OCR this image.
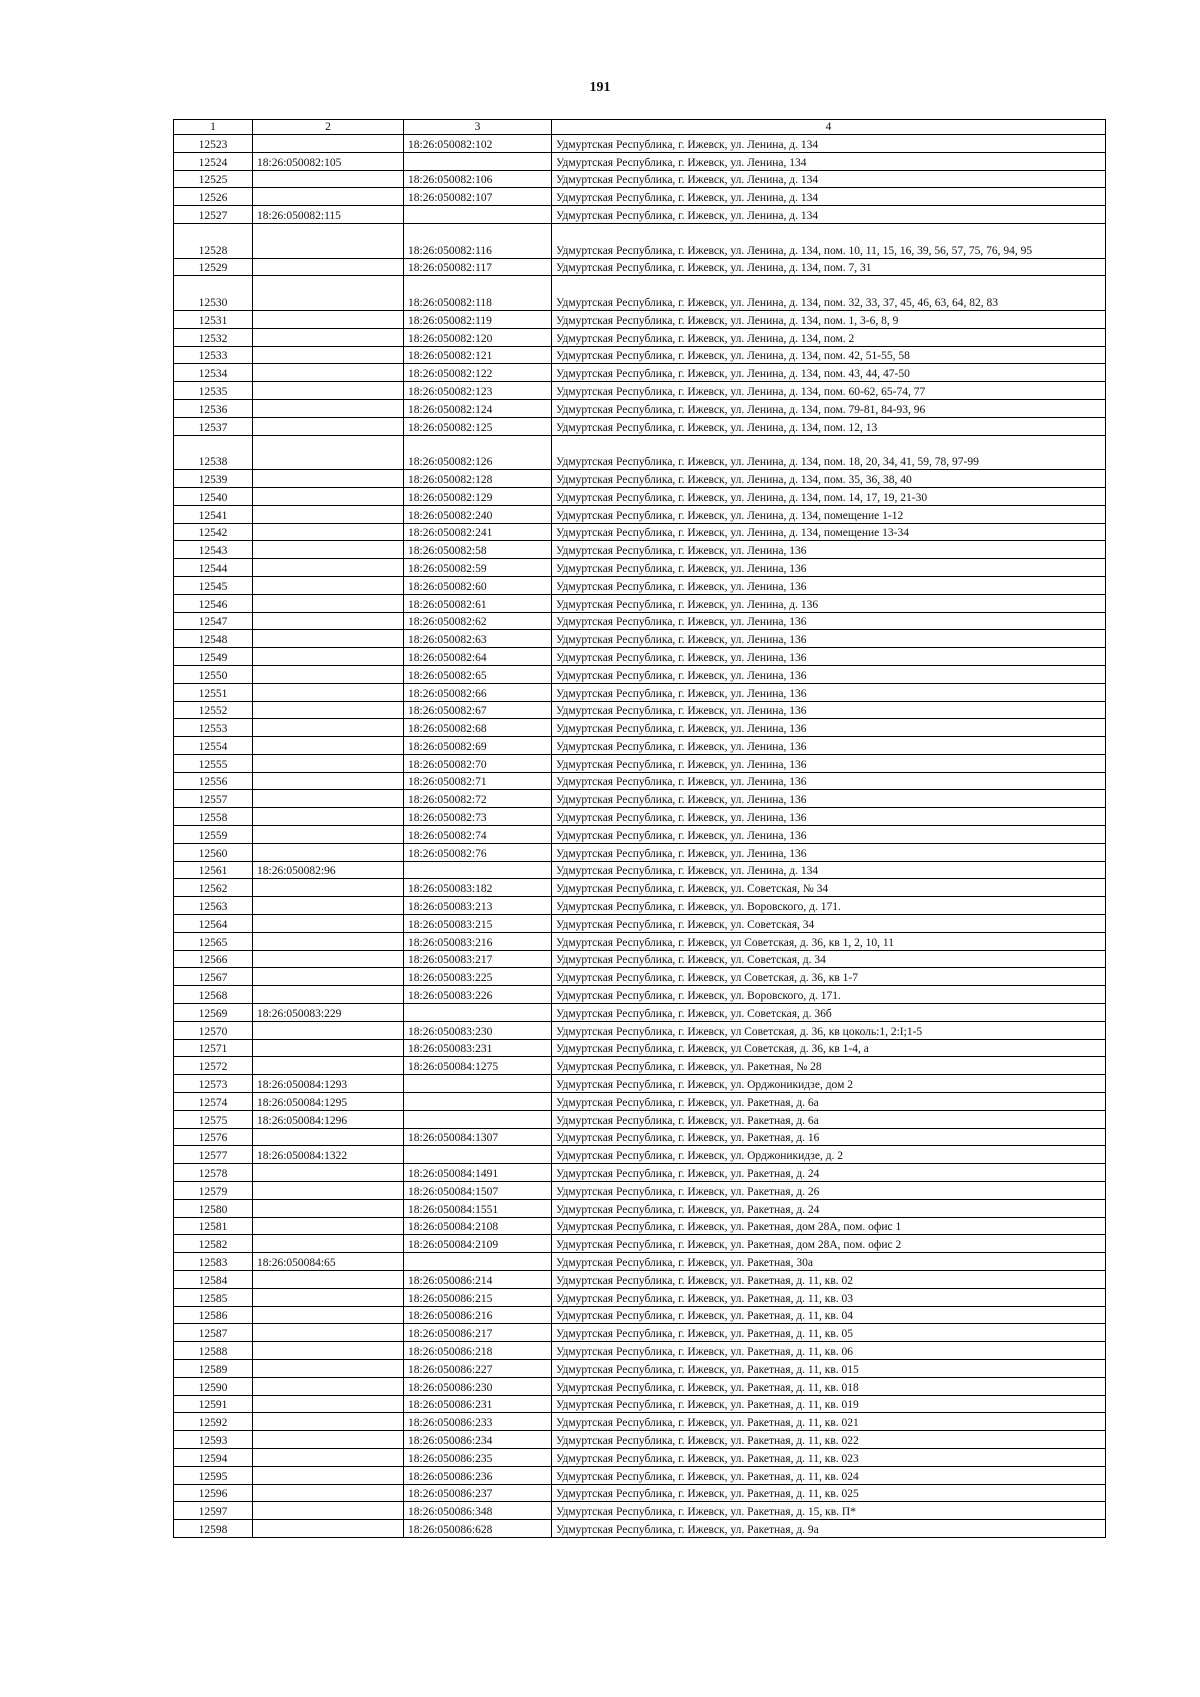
191
1	2	3	4
12523		18:26:050082:102	Удмуртская Республика, г. Ижевск, ул. Ленина, д. 134
12524	18:26:050082:105		Удмуртская Республика, г. Ижевск, ул. Ленина, 134
12525		18:26:050082:106	Удмуртская Республика, г. Ижевск, ул. Ленина, д. 134
12526		18:26:050082:107	Удмуртская Республика, г. Ижевск, ул. Ленина, д. 134
12527	18:26:050082:115		Удмуртская Республика, г. Ижевск, ул. Ленина, д. 134
12528		18:26:050082:116	Удмуртская Республика, г. Ижевск, ул. Ленина, д. 134, пом. 10, 11, 15, 16, 39, 56, 57, 75, 76, 94, 95
12529		18:26:050082:117	Удмуртская Республика, г. Ижевск, ул. Ленина, д. 134, пом. 7, 31
12530		18:26:050082:118	Удмуртская Республика, г. Ижевск, ул. Ленина, д. 134, пом. 32, 33, 37, 45, 46, 63, 64, 82, 83
12531		18:26:050082:119	Удмуртская Республика, г. Ижевск, ул. Ленина, д. 134, пом. 1, 3-6, 8, 9
12532		18:26:050082:120	Удмуртская Республика, г. Ижевск, ул. Ленина, д. 134, пом. 2
12533		18:26:050082:121	Удмуртская Республика, г. Ижевск, ул. Ленина, д. 134, пом. 42, 51-55, 58
12534		18:26:050082:122	Удмуртская Республика, г. Ижевск, ул. Ленина, д. 134, пом. 43, 44, 47-50
12535		18:26:050082:123	Удмуртская Республика, г. Ижевск, ул. Ленина, д. 134, пом. 60-62, 65-74, 77
12536		18:26:050082:124	Удмуртская Республика, г. Ижевск, ул. Ленина, д. 134, пом. 79-81, 84-93, 96
12537		18:26:050082:125	Удмуртская Республика, г. Ижевск, ул. Ленина, д. 134, пом. 12, 13
12538		18:26:050082:126	Удмуртская Республика, г. Ижевск, ул. Ленина, д. 134, пом. 18, 20, 34, 41, 59, 78, 97-99
12539		18:26:050082:128	Удмуртская Республика, г. Ижевск, ул. Ленина, д. 134, пом. 35, 36, 38, 40
12540		18:26:050082:129	Удмуртская Республика, г. Ижевск, ул. Ленина, д. 134, пом. 14, 17, 19, 21-30
12541		18:26:050082:240	Удмуртская Республика, г. Ижевск, ул. Ленина, д. 134, помещение 1-12
12542		18:26:050082:241	Удмуртская Республика, г. Ижевск, ул. Ленина, д. 134, помещение 13-34
12543		18:26:050082:58	Удмуртская Республика, г. Ижевск, ул. Ленина, 136
12544		18:26:050082:59	Удмуртская Республика, г. Ижевск, ул. Ленина, 136
12545		18:26:050082:60	Удмуртская Республика, г. Ижевск, ул. Ленина, 136
12546		18:26:050082:61	Удмуртская Республика, г. Ижевск, ул. Ленина, д. 136
12547		18:26:050082:62	Удмуртская Республика, г. Ижевск, ул. Ленина, 136
12548		18:26:050082:63	Удмуртская Республика, г. Ижевск, ул. Ленина, 136
12549		18:26:050082:64	Удмуртская Республика, г. Ижевск, ул. Ленина, 136
12550		18:26:050082:65	Удмуртская Республика, г. Ижевск, ул. Ленина, 136
12551		18:26:050082:66	Удмуртская Республика, г. Ижевск, ул. Ленина, 136
12552		18:26:050082:67	Удмуртская Республика, г. Ижевск, ул. Ленина, 136
12553		18:26:050082:68	Удмуртская Республика, г. Ижевск, ул. Ленина, 136
12554		18:26:050082:69	Удмуртская Республика, г. Ижевск, ул. Ленина, 136
12555		18:26:050082:70	Удмуртская Республика, г. Ижевск, ул. Ленина, 136
12556		18:26:050082:71	Удмуртская Республика, г. Ижевск, ул. Ленина, 136
12557		18:26:050082:72	Удмуртская Республика, г. Ижевск, ул. Ленина, 136
12558		18:26:050082:73	Удмуртская Республика, г. Ижевск, ул. Ленина, 136
12559		18:26:050082:74	Удмуртская Республика, г. Ижевск, ул. Ленина, 136
12560		18:26:050082:76	Удмуртская Республика, г. Ижевск, ул. Ленина, 136
12561	18:26:050082:96		Удмуртская Республика, г. Ижевск, ул. Ленина, д. 134
12562		18:26:050083:182	Удмуртская Республика, г. Ижевск, ул. Советская, № 34
12563		18:26:050083:213	Удмуртская Республика, г. Ижевск, ул. Воровского, д. 171.
12564		18:26:050083:215	Удмуртская Республика, г. Ижевск, ул. Советская, 34
12565		18:26:050083:216	Удмуртская Республика, г. Ижевск, ул Советская, д. 36, кв 1, 2, 10, 11
12566		18:26:050083:217	Удмуртская Республика, г. Ижевск, ул. Советская, д. 34
12567		18:26:050083:225	Удмуртская Республика, г. Ижевск, ул Советская, д. 36, кв 1-7
12568		18:26:050083:226	Удмуртская Республика, г. Ижевск, ул. Воровского, д. 171.
12569	18:26:050083:229		Удмуртская Республика, г. Ижевск, ул. Советская, д. 36б
12570		18:26:050083:230	Удмуртская Республика, г. Ижевск, ул Советская, д. 36, кв цоколь:1, 2:I;1-5
12571		18:26:050083:231	Удмуртская Республика, г. Ижевск, ул Советская, д. 36, кв 1-4, а
12572		18:26:050084:1275	Удмуртская Республика, г. Ижевск, ул. Ракетная, № 28
12573	18:26:050084:1293		Удмуртская Республика, г. Ижевск, ул. Орджоникидзе, дом 2
12574	18:26:050084:1295		Удмуртская Республика, г. Ижевск, ул. Ракетная, д. 6а
12575	18:26:050084:1296		Удмуртская Республика, г. Ижевск, ул. Ракетная, д. 6а
12576		18:26:050084:1307	Удмуртская Республика, г. Ижевск, ул. Ракетная, д. 16
12577	18:26:050084:1322		Удмуртская Республика, г. Ижевск, ул. Орджоникидзе, д. 2
12578		18:26:050084:1491	Удмуртская Республика, г. Ижевск, ул. Ракетная, д. 24
12579		18:26:050084:1507	Удмуртская Республика, г. Ижевск, ул. Ракетная, д. 26
12580		18:26:050084:1551	Удмуртская Республика, г. Ижевск, ул. Ракетная, д. 24
12581		18:26:050084:2108	Удмуртская Республика, г. Ижевск, ул. Ракетная, дом 28А, пом. офис 1
12582		18:26:050084:2109	Удмуртская Республика, г. Ижевск, ул. Ракетная, дом 28А, пом. офис 2
12583	18:26:050084:65		Удмуртская Республика, г. Ижевск, ул. Ракетная, 30а
12584		18:26:050086:214	Удмуртская Республика, г. Ижевск, ул. Ракетная, д. 11, кв. 02
12585		18:26:050086:215	Удмуртская Республика, г. Ижевск, ул. Ракетная, д. 11, кв. 03
12586		18:26:050086:216	Удмуртская Республика, г. Ижевск, ул. Ракетная, д. 11, кв. 04
12587		18:26:050086:217	Удмуртская Республика, г. Ижевск, ул. Ракетная, д. 11, кв. 05
12588		18:26:050086:218	Удмуртская Республика, г. Ижевск, ул. Ракетная, д. 11, кв. 06
12589		18:26:050086:227	Удмуртская Республика, г. Ижевск, ул. Ракетная, д. 11, кв. 015
12590		18:26:050086:230	Удмуртская Республика, г. Ижевск, ул. Ракетная, д. 11, кв. 018
12591		18:26:050086:231	Удмуртская Республика, г. Ижевск, ул. Ракетная, д. 11, кв. 019
12592		18:26:050086:233	Удмуртская Республика, г. Ижевск, ул. Ракетная, д. 11, кв. 021
12593		18:26:050086:234	Удмуртская Республика, г. Ижевск, ул. Ракетная, д. 11, кв. 022
12594		18:26:050086:235	Удмуртская Республика, г. Ижевск, ул. Ракетная, д. 11, кв. 023
12595		18:26:050086:236	Удмуртская Республика, г. Ижевск, ул. Ракетная, д. 11, кв. 024
12596		18:26:050086:237	Удмуртская Республика, г. Ижевск, ул. Ракетная, д. 11, кв. 025
12597		18:26:050086:348	Удмуртская Республика, г. Ижевск, ул. Ракетная, д. 15, кв. П*
12598		18:26:050086:628	Удмуртская Республика, г. Ижевск, ул. Ракетная, д. 9а
